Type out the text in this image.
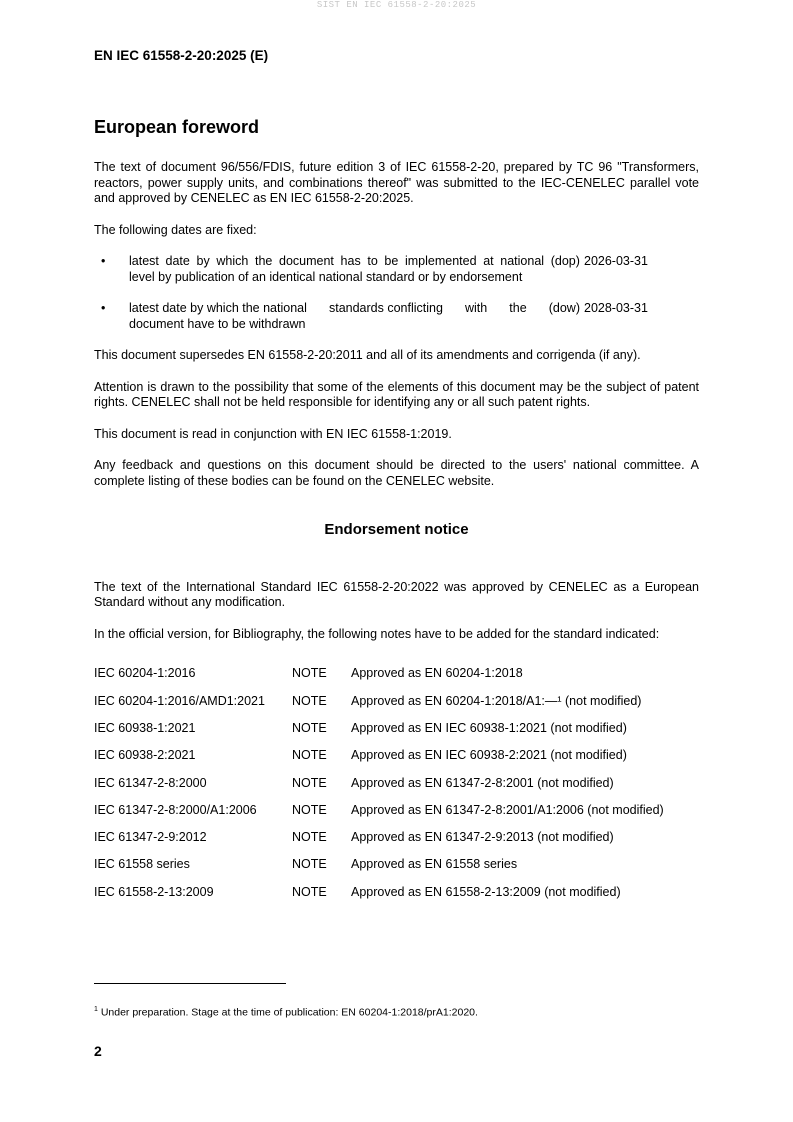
SIST EN IEC 61558-2-20:2025
EN IEC 61558-2-20:2025 (E)
European foreword

The text of document 96/556/FDIS, future edition 3 of IEC 61558-2-20, prepared by TC 96 "Transformers, reactors, power supply units, and combinations thereof" was submitted to the IEC-CENELEC parallel vote and approved by CENELEC as EN IEC 61558-2-20:2025.

The following dates are fixed:

•	latest date by which the document has to be implemented at national (dop)
level by publication of an identical national standard or by endorsement
2026-03-31
•	latest date by which the national standards conflicting with the (dow)
document have to be withdrawn
2028-03-31

This document supersedes EN 61558-2-20:2011 and all of its amendments and corrigenda (if any).

Attention is drawn to the possibility that some of the elements of this document may be the subject of patent rights. CENELEC shall not be held responsible for identifying any or all such patent rights.

This document is read in conjunction with EN IEC 61558-1:2019.

Any feedback and questions on this document should be directed to the users' national committee. A complete listing of these bodies can be found on the CENELEC website.

Endorsement notice

The text of the International Standard IEC 61558-2-20:2022 was approved by CENELEC as a European Standard without any modification.

In the official version, for Bibliography, the following notes have to be added for the standard indicated:

IEC 60204-1:2016	NOTE	Approved as EN 60204-1:2018
IEC 60204-1:2016/AMD1:2021	NOTE	Approved as EN 60204-1:2018/A1:—¹ (not modified)
IEC 60938-1:2021	NOTE	Approved as EN IEC 60938-1:2021 (not modified)
IEC 60938-2:2021	NOTE	Approved as EN IEC 60938-2:2021 (not modified)
IEC 61347-2-8:2000	NOTE	Approved as EN 61347-2-8:2001 (not modified)
IEC 61347-2-8:2000/A1:2006	NOTE	Approved as EN 61347-2-8:2001/A1:2006 (not modified)
IEC 61347-2-9:2012	NOTE	Approved as EN 61347-2-9:2013 (not modified)
IEC 61558 series	NOTE	Approved as EN 61558 series
IEC 61558-2-13:2009	NOTE	Approved as EN 61558-2-13:2009 (not modified)
$^1$ Under preparation. Stage at the time of publication: EN 60204-1:2018/prA1:2020.
2
